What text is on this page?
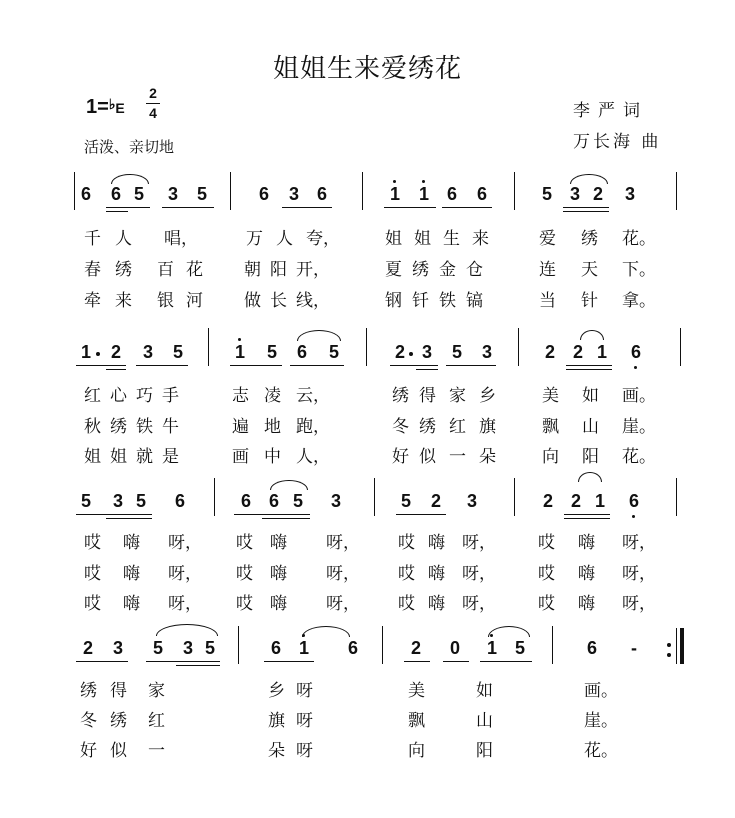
姐姐生来爱绣花
1=♭E
2
4
活泼、亲切地
李严词
万长海 曲
6 6 5 3 5	6 3 6	1 1 6 6	5 3 2 3
千 人 唱，	万 人 夸，	姐 姐 生 来	爱 绣 花。
春 绣 百 花 朝 阳 开，	夏 绣 金 仓	连 天 下。
牵 来 银 河 做 长 线，	钢 钎 铁 镐	当 针 拿。
1 2 3 5	1 5 6 5	2 3 5 3	2 2 1 6
红 心 巧 手	志 凌 云，	绣 得 家 乡	美 如 画。
秋 绣 铁 牛	遍 地 跑，	冬 绣 红 旗	飘 山 崖。
姐 姐 就 是	画 中 人，	好 似 一 朵	向 阳 花。
5 3 5 6	6 6 5 3	5 2 3	2 2 1 6
哎 嗨 呀， 哎 嗨 呀， 哎 嗨 呀， 哎 嗨 呀，
哎 嗨 呀， 哎 嗨 呀， 哎 嗨 呀， 哎 嗨 呀，
哎 嗨 呀， 哎 嗨 呀， 哎 嗨 呀， 哎 嗨 呀，
2 3 5 3 5	6 1 6	2 0 1 5	6 -
绣 得 家	乡 呀	美	如	画。
冬 绣 红	旗 呀	飘	山	崖。
好 似 一	朵 呀	向	阳	花。
